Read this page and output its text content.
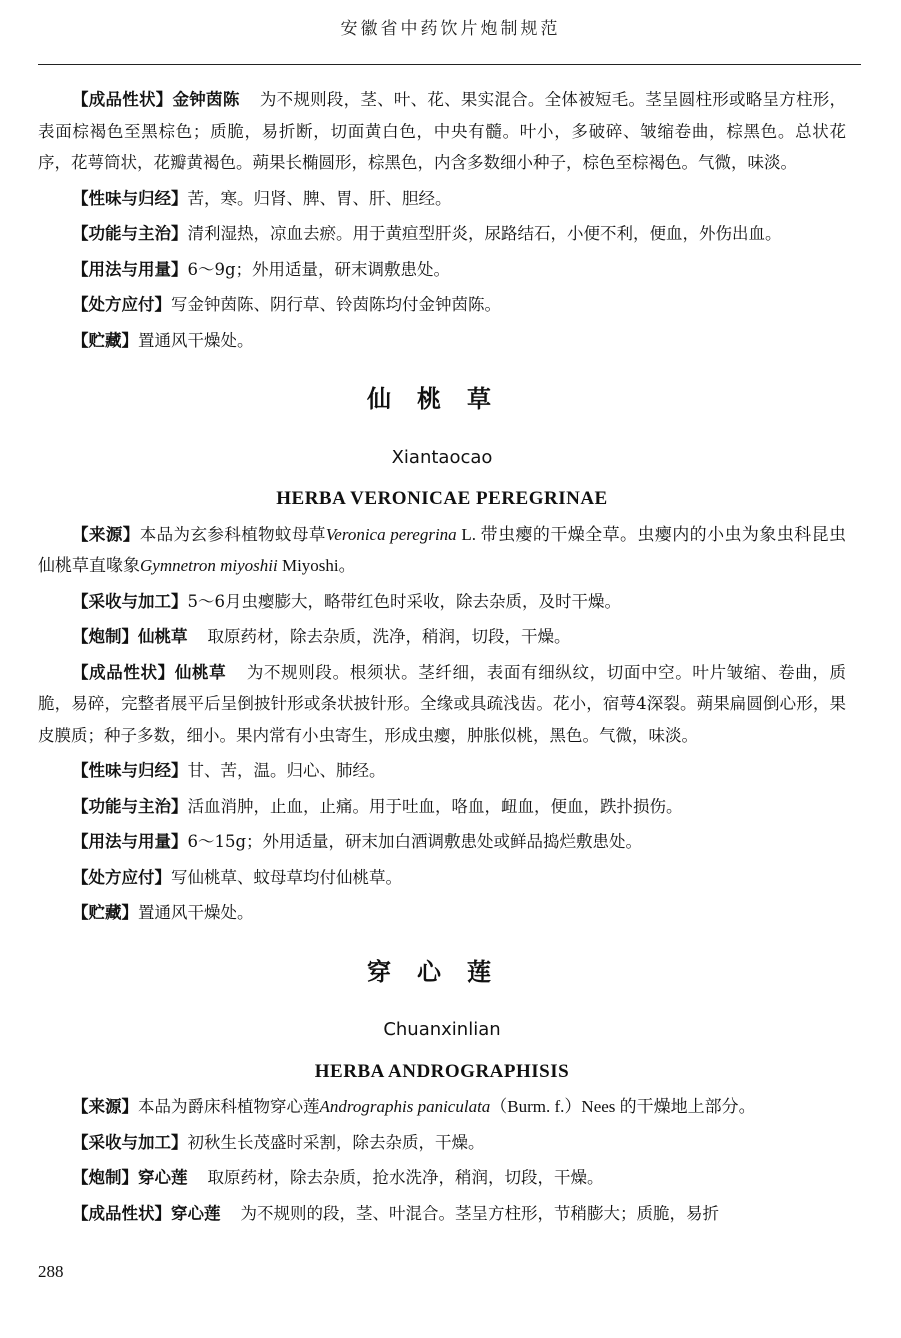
安徽省中药饮片炮制规范

【成品性状】金钟茵陈 为不规则段，茎、叶、花、果实混合。全体被短毛。茎呈圆柱形或略呈方柱形，表面棕褐色至黑棕色；质脆，易折断，切面黄白色，中央有髓。叶小，多破碎、皱缩卷曲，棕黑色。总状花序，花萼筒状，花瓣黄褐色。蒴果长椭圆形，棕黑色，内含多数细小种子，棕色至棕褐色。气微，味淡。

【性味与归经】苦，寒。归肾、脾、胃、肝、胆经。

【功能与主治】清利湿热，凉血去瘀。用于黄疸型肝炎，尿路结石，小便不利，便血，外伤出血。

【用法与用量】6～9g；外用适量，研末调敷患处。

【处方应付】写金钟茵陈、阴行草、铃茵陈均付金钟茵陈。

【贮藏】置通风干燥处。

仙桃草

Xiantaocao

HERBA VERONICAE PEREGRINAE

【来源】本品为玄参科植物蚊母草Veronica peregrina L. 带虫瘿的干燥全草。虫瘿内的小虫为象虫科昆虫仙桃草直喙象Gymnetron miyoshii Miyoshi。

【采收与加工】5～6月虫瘿膨大，略带红色时采收，除去杂质，及时干燥。

【炮制】仙桃草 取原药材，除去杂质，洗净，稍润，切段，干燥。

【成品性状】仙桃草 为不规则段。根须状。茎纤细，表面有细纵纹，切面中空。叶片皱缩、卷曲，质脆，易碎，完整者展平后呈倒披针形或条状披针形。全缘或具疏浅齿。花小，宿萼4深裂。蒴果扁圆倒心形，果皮膜质；种子多数，细小。果内常有小虫寄生，形成虫瘿，肿胀似桃，黑色。气微，味淡。

【性味与归经】甘、苦，温。归心、肺经。

【功能与主治】活血消肿，止血，止痛。用于吐血，咯血，衄血，便血，跌扑损伤。

【用法与用量】6～15g；外用适量，研末加白酒调敷患处或鲜品捣烂敷患处。

【处方应付】写仙桃草、蚊母草均付仙桃草。

【贮藏】置通风干燥处。

穿心莲

Chuanxinlian

HERBA ANDROGRAPHISIS

【来源】本品为爵床科植物穿心莲Andrographis paniculata（Burm. f.）Nees 的干燥地上部分。

【采收与加工】初秋生长茂盛时采割，除去杂质，干燥。

【炮制】穿心莲 取原药材，除去杂质，抢水洗净，稍润，切段，干燥。

【成品性状】穿心莲 为不规则的段，茎、叶混合。茎呈方柱形，节稍膨大；质脆，易折

288
